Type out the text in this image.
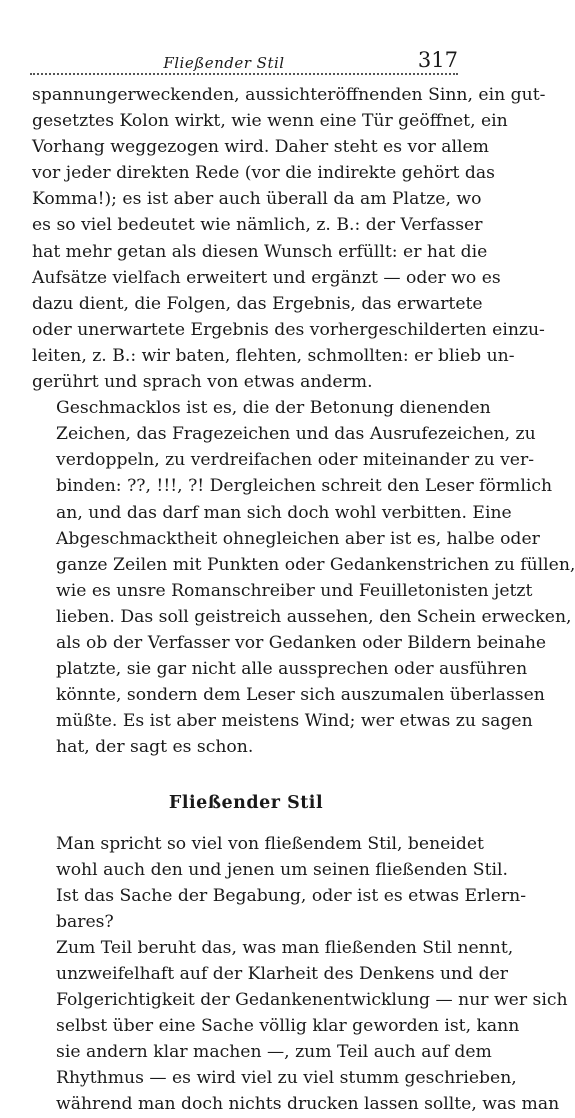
Fließender Stil	317

spannungerweckenden, aussichteröffnenden Sinn, ein gut-
gesetztes Kolon wirkt, wie wenn eine Tür geöffnet, ein
Vorhang weggezogen wird. Daher steht es vor allem
vor jeder direkten Rede (vor die indirekte gehört das
Komma!); es ist aber auch überall da am Platze, wo
es so viel bedeutet wie nämlich, z. B.: der Verfasser
hat mehr getan als diesen Wunsch erfüllt: er hat die
Aufsätze vielfach erweitert und ergänzt — oder wo es
dazu dient, die Folgen, das Ergebnis, das erwartete
oder unerwartete Ergebnis des vorhergeschilderten einzu-
leiten, z. B.: wir baten, flehten, schmollten: er blieb un-
gerührt und sprach von etwas anderm.

Geschmacklos ist es, die der Betonung dienenden
Zeichen, das Fragezeichen und das Ausrufezeichen, zu
verdoppeln, zu verdreifachen oder miteinander zu ver-
binden: ??, !!!, ?! Dergleichen schreit den Leser förmlich
an, und das darf man sich doch wohl verbitten. Eine
Abgeschmacktheit ohnegleichen aber ist es, halbe oder
ganze Zeilen mit Punkten oder Gedankenstrichen zu füllen,
wie es unsre Romanschreiber und Feuilletonisten jetzt
lieben. Das soll geistreich aussehen, den Schein erwecken,
als ob der Verfasser vor Gedanken oder Bildern beinahe
platzte, sie gar nicht alle aussprechen oder ausführen
könnte, sondern dem Leser sich auszumalen überlassen
müßte. Es ist aber meistens Wind; wer etwas zu sagen
hat, der sagt es schon.

Fließender Stil

Man spricht so viel von fließendem Stil, beneidet
wohl auch den und jenen um seinen fließenden Stil.
Ist das Sache der Begabung, oder ist es etwas Erlern-
bares?

Zum Teil beruht das, was man fließenden Stil nennt,
unzweifelhaft auf der Klarheit des Denkens und der
Folgerichtigkeit der Gedankenentwicklung — nur wer sich
selbst über eine Sache völlig klar geworden ist, kann
sie andern klar machen —, zum Teil auch auf dem
Rhythmus — es wird viel zu viel stumm geschrieben,
während man doch nichts drucken lassen sollte, was man
